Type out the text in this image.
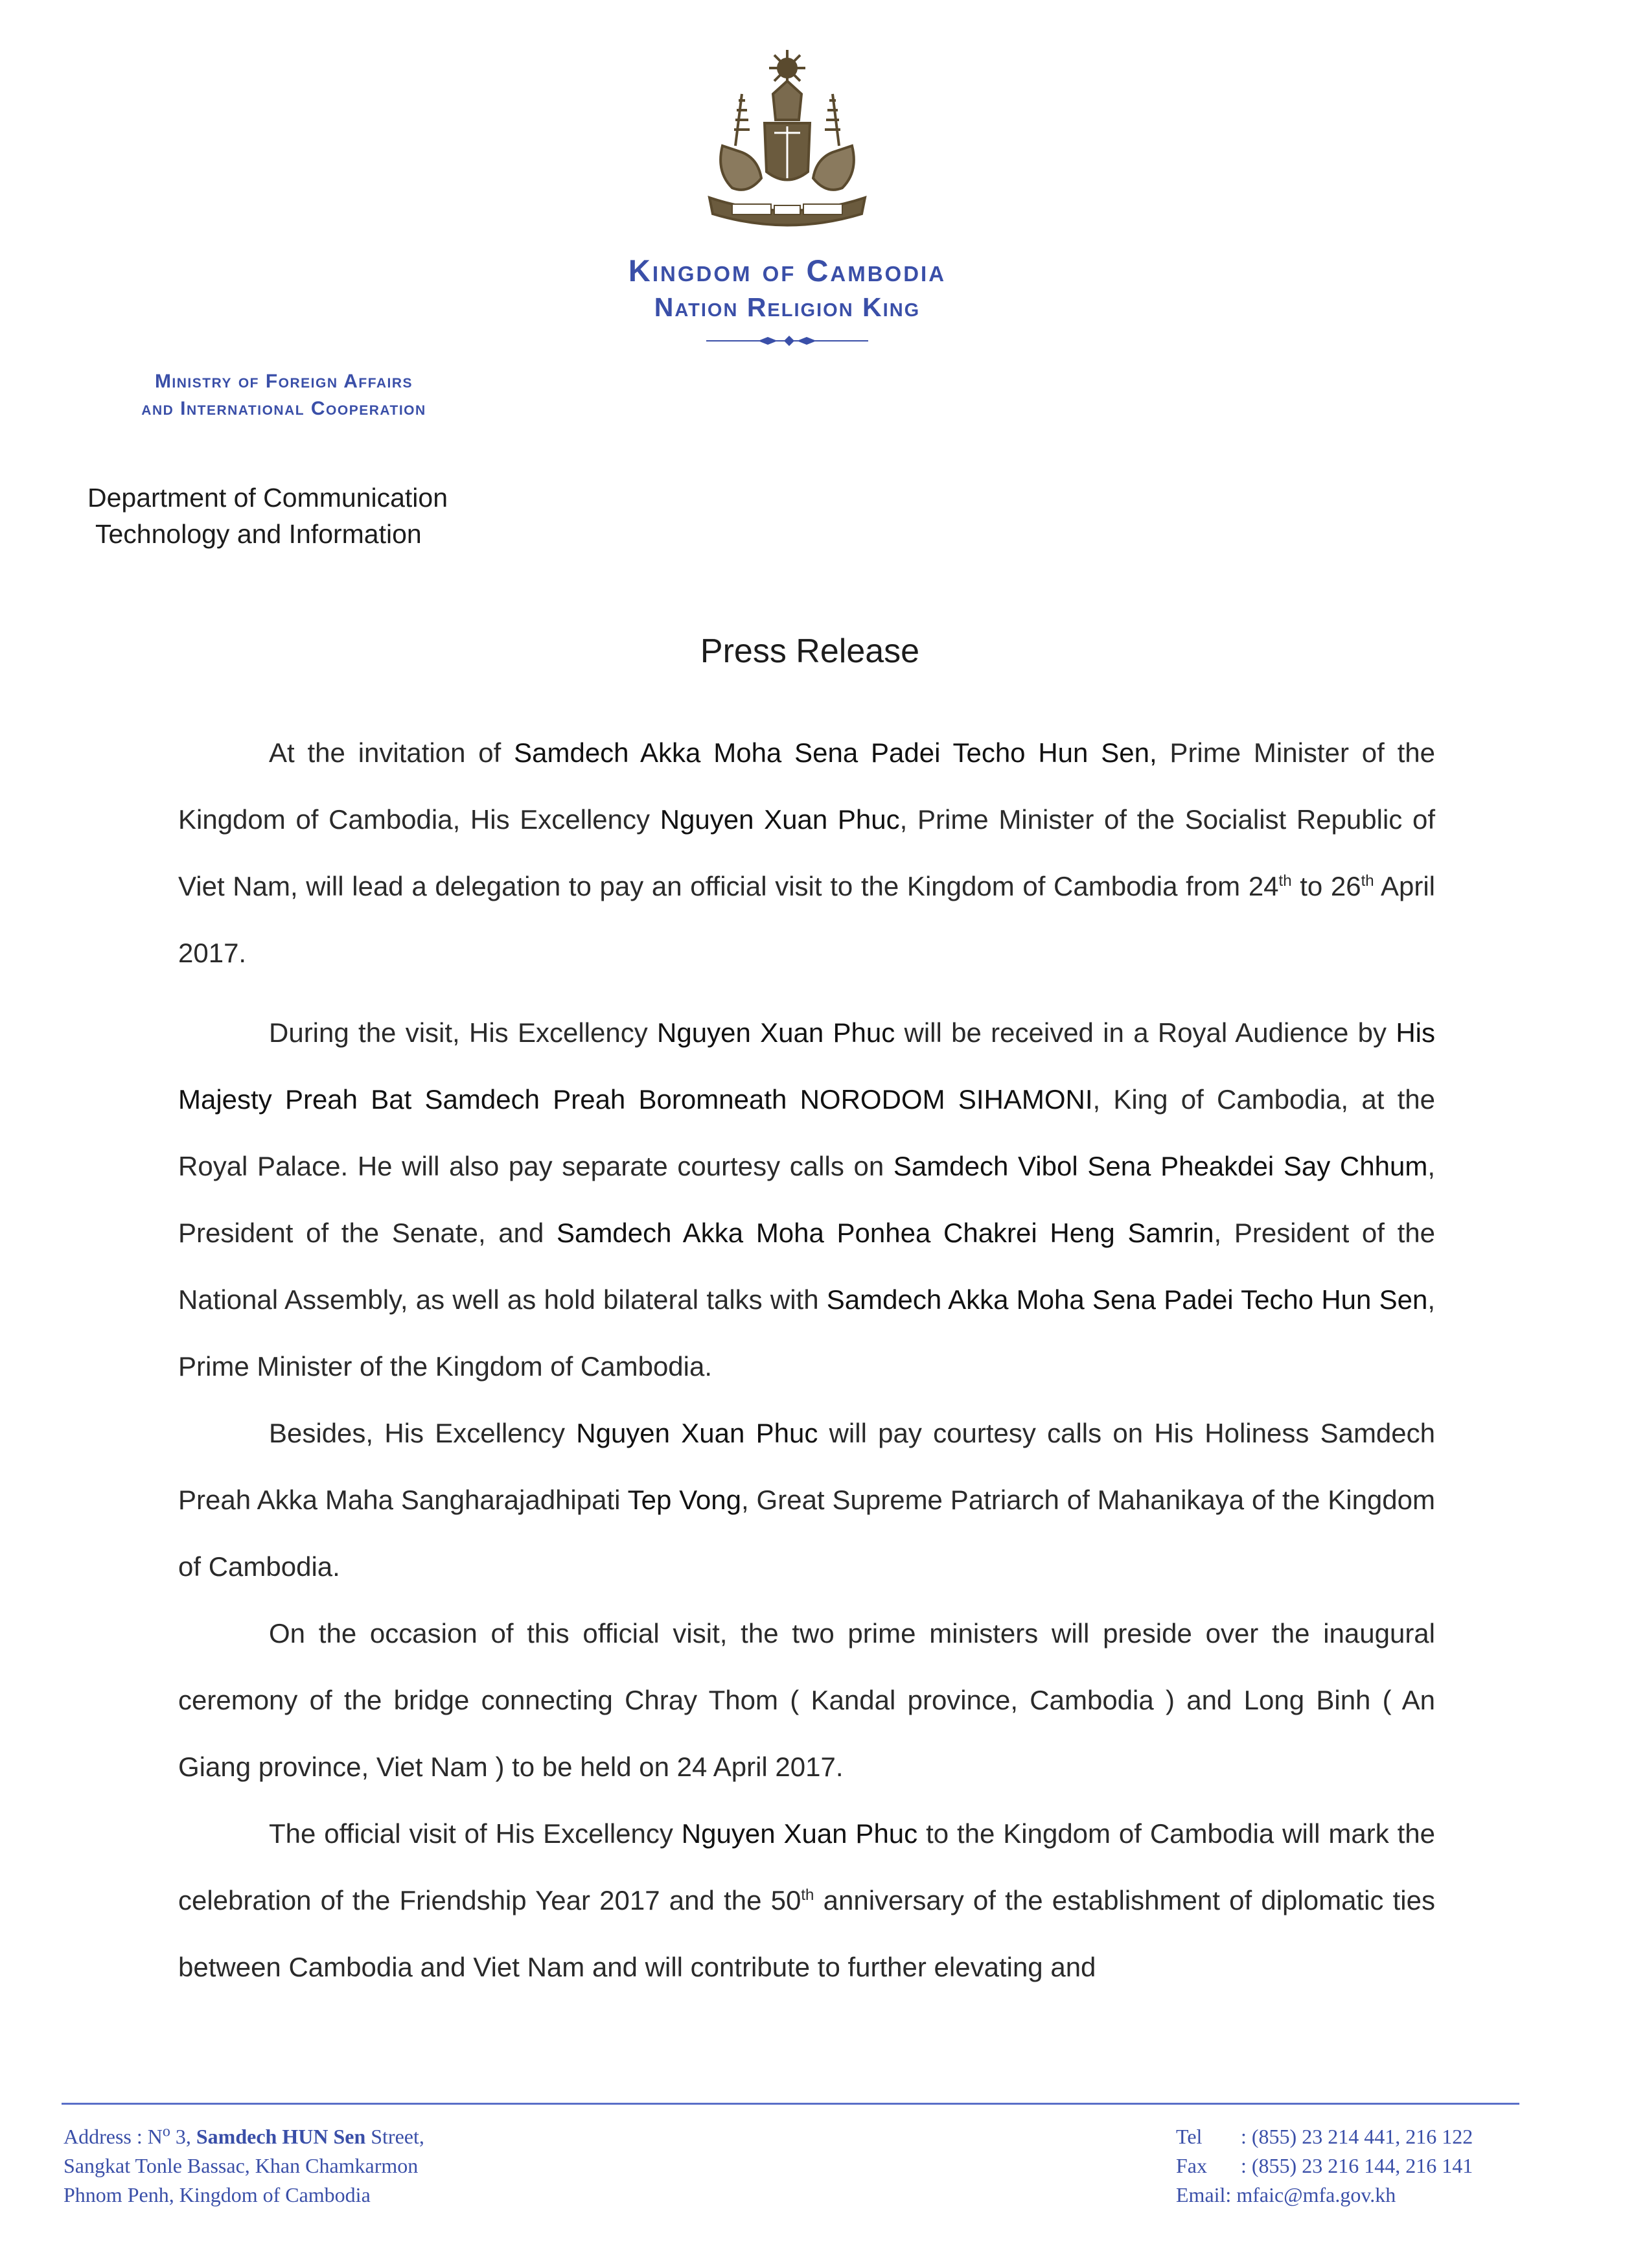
Kingdom of Cambodia
Nation Religion King
Ministry of Foreign Affairs
and International Cooperation
Department of Communication
Technology and Information
Press Release

At the invitation of Samdech Akka Moha Sena Padei Techo Hun Sen, Prime Minister of the Kingdom of Cambodia, His Excellency Nguyen Xuan Phuc, Prime Minister of the Socialist Republic of Viet Nam, will lead a delegation to pay an official visit to the Kingdom of Cambodia from 24th to 26th April 2017.

During the visit, His Excellency Nguyen Xuan Phuc will be received in a Royal Audience by His Majesty Preah Bat Samdech Preah Boromneath NORODOM SIHAMONI, King of Cambodia, at the Royal Palace. He will also pay separate courtesy calls on Samdech Vibol Sena Pheakdei Say Chhum, President of the Senate, and Samdech Akka Moha Ponhea Chakrei Heng Samrin, President of the National Assembly, as well as hold bilateral talks with Samdech Akka Moha Sena Padei Techo Hun Sen, Prime Minister of the Kingdom of Cambodia.

Besides, His Excellency Nguyen Xuan Phuc will pay courtesy calls on His Holiness Samdech Preah Akka Maha Sangharajadhipati Tep Vong, Great Supreme Patriarch of Mahanikaya of the Kingdom of Cambodia.

On the occasion of this official visit, the two prime ministers will preside over the inaugural ceremony of the bridge connecting Chray Thom ( Kandal province, Cambodia ) and Long Binh ( An Giang province, Viet Nam ) to be held on 24 April 2017.

The official visit of His Excellency Nguyen Xuan Phuc to the Kingdom of Cambodia will mark the celebration of the Friendship Year 2017 and the 50th anniversary of the establishment of diplomatic ties between Cambodia and Viet Nam and will contribute to further elevating and

Address : $N^o$ 3, Samdech HUN Sen Street,
Sangkat Tonle Bassac, Khan Chamkarmon
Phnom Penh, Kingdom of Cambodia
Tel : (855) 23 214 441, 216 122
Fax : (855) 23 216 144, 216 141
Email: mfaic@mfa.gov.kh
